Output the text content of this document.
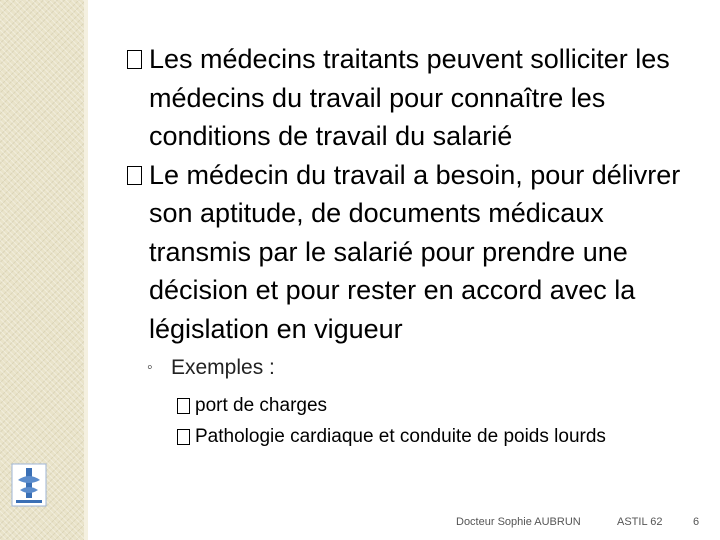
Les médecins traitants peuvent solliciter les médecins du travail pour connaître les conditions de travail du salarié

Le médecin du travail a besoin, pour délivrer son aptitude, de documents médicaux transmis par le salarié pour prendre une décision et pour rester en accord avec la législation en vigueur

◦ Exemples :
port de charges
Pathologie cardiaque et conduite de poids lourds
Docteur Sophie AUBRUN	ASTIL 62	6
